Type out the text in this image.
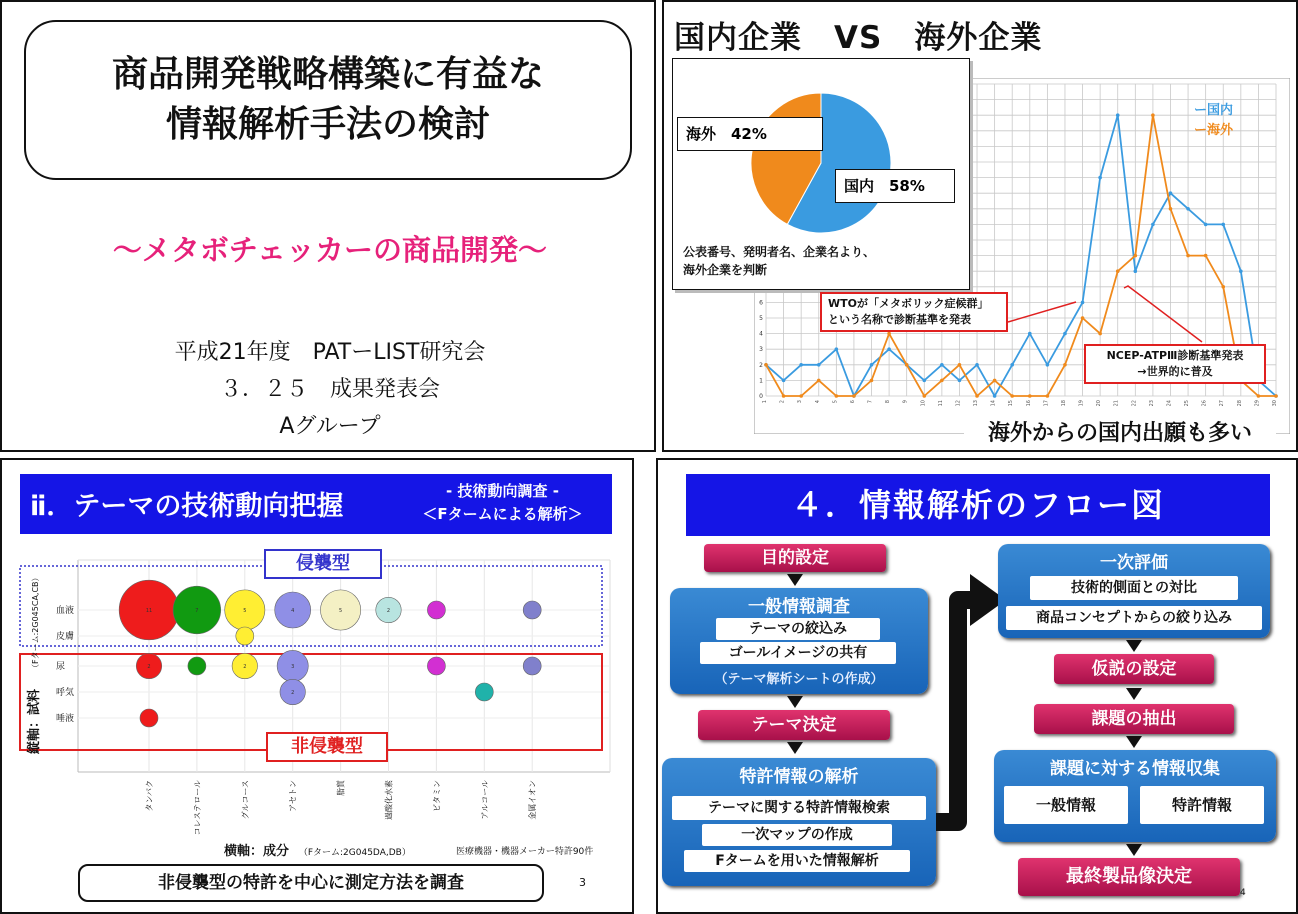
商品開発戦略構築に有益な
情報解析手法の検討
～メタボチェッカーの商品開発～
平成21年度　PATーLIST研究会
３．２５　成果発表会
Aグループ
国内企業　VS　海外企業
1 2 3 4 5 6 7 8 9 10 11 12 13 14 15 16 17 18 19 20 21 22 23 24 25 26 27 28 29 30
0
1
2
3
4
5
6
ー国内
ー海外
海外　42%
国内　58%
公表番号、発明者名、企業名より、
海外企業を判断
WTOが「メタボリック症候群」
という名称で診断基準を発表
NCEP-ATPⅢ診断基準発表
→世界的に普及
海外からの国内出願も多い
ⅱ．テーマの技術動向把握	- 技術動向調査 -
＜Fタームによる解析＞
11	7	5	4	5	2
2	2	3
2
血液
皮膚
尿
呼気
唾液
タンパク	コレステロール	グルコース	アセトン	脂質	過酸化水素	ビタミン	アルコール	金属イオン
縦軸：試料
（Fターム:2G045CA,CB）
侵襲型
非侵襲型
横軸：成分 （Fターム:2G045DA,DB）	医療機器・機器メーカー特許90件
非侵襲型の特許を中心に測定方法を調査	3
４．情報解析のフロー図
目的設定
一般情報調査
テーマの絞込み
ゴールイメージの共有
（テーマ解析シートの作成）
テーマ決定
特許情報の解析
テーマに関する特許情報検索
一次マップの作成
Fタームを用いた情報解析
一次評価
技術的側面との対比
商品コンセプトからの絞り込み
仮説の設定
課題の抽出
課題に対する情報収集
一般情報	特許情報
最終製品像決定
4
